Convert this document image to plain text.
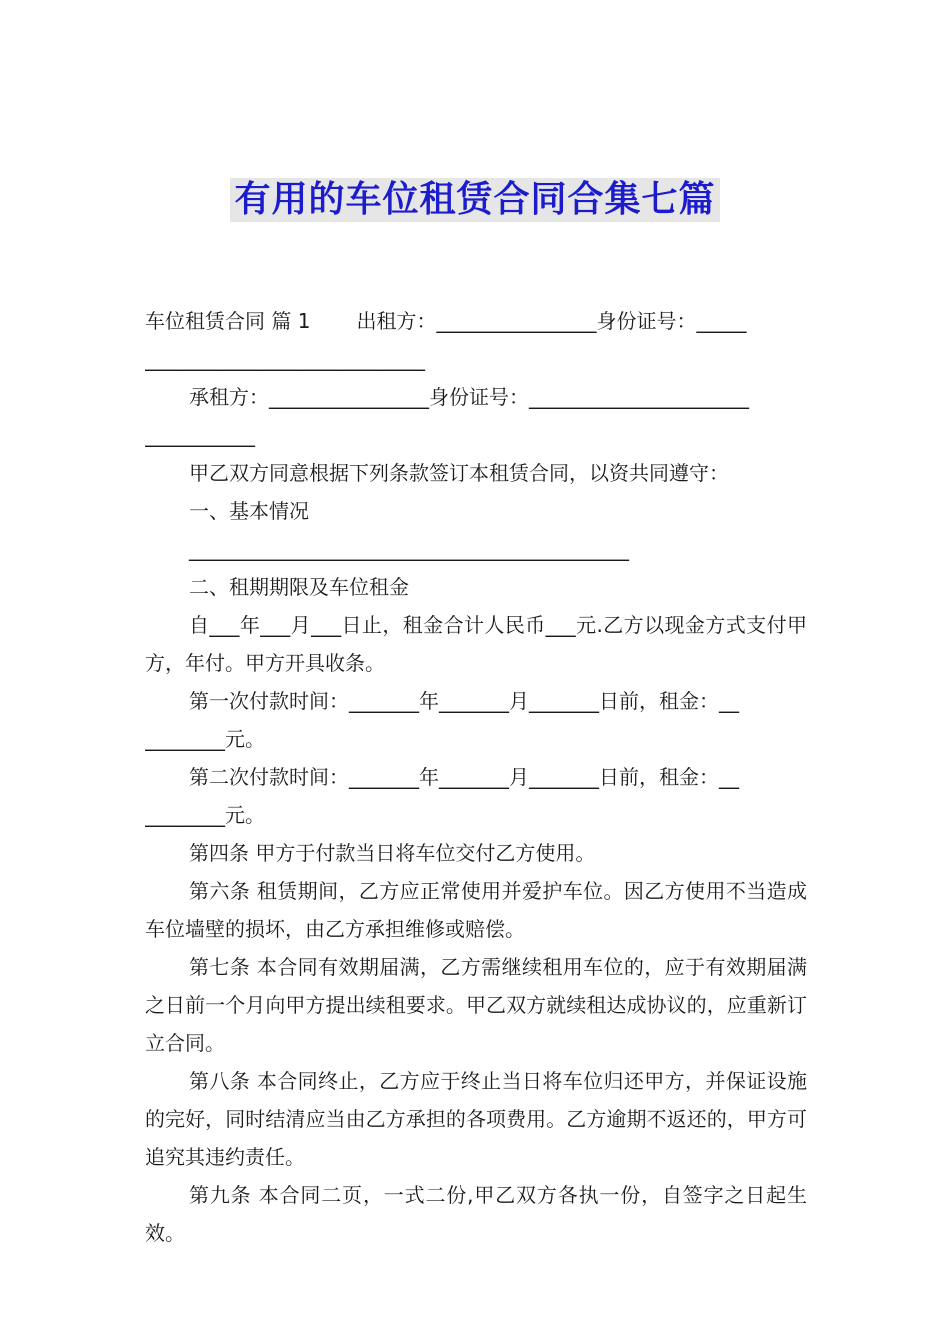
有用的车位租赁合同合集七篇

车位租赁合同 篇 1 出租方：________________身份证号：_____

____________________________

承租方：________________身份证号：______________________

___________

甲乙双方同意根据下列条款签订本租赁合同，以资共同遵守：

一、基本情况

____________________________________________

二、租期期限及车位租金

自___年___月___日止，租金合计人民币___元.乙方以现金方式支付甲方，年付。甲方开具收条。

第一次付款时间：_______年_______月_______日前，租金：__

________元。

第二次付款时间：_______年_______月_______日前，租金：__

________元。

第四条 甲方于付款当日将车位交付乙方使用。

第六条 租赁期间，乙方应正常使用并爱护车位。因乙方使用不当造成车位墙壁的损坏，由乙方承担维修或赔偿。

第七条 本合同有效期届满，乙方需继续租用车位的，应于有效期届满之日前一个月向甲方提出续租要求。甲乙双方就续租达成协议的，应重新订立合同。

第八条 本合同终止，乙方应于终止当日将车位归还甲方，并保证设施的完好，同时结清应当由乙方承担的各项费用。乙方逾期不返还的，甲方可追究其违约责任。

第九条 本合同二页，一式二份,甲乙双方各执一份，自签字之日起生效。
